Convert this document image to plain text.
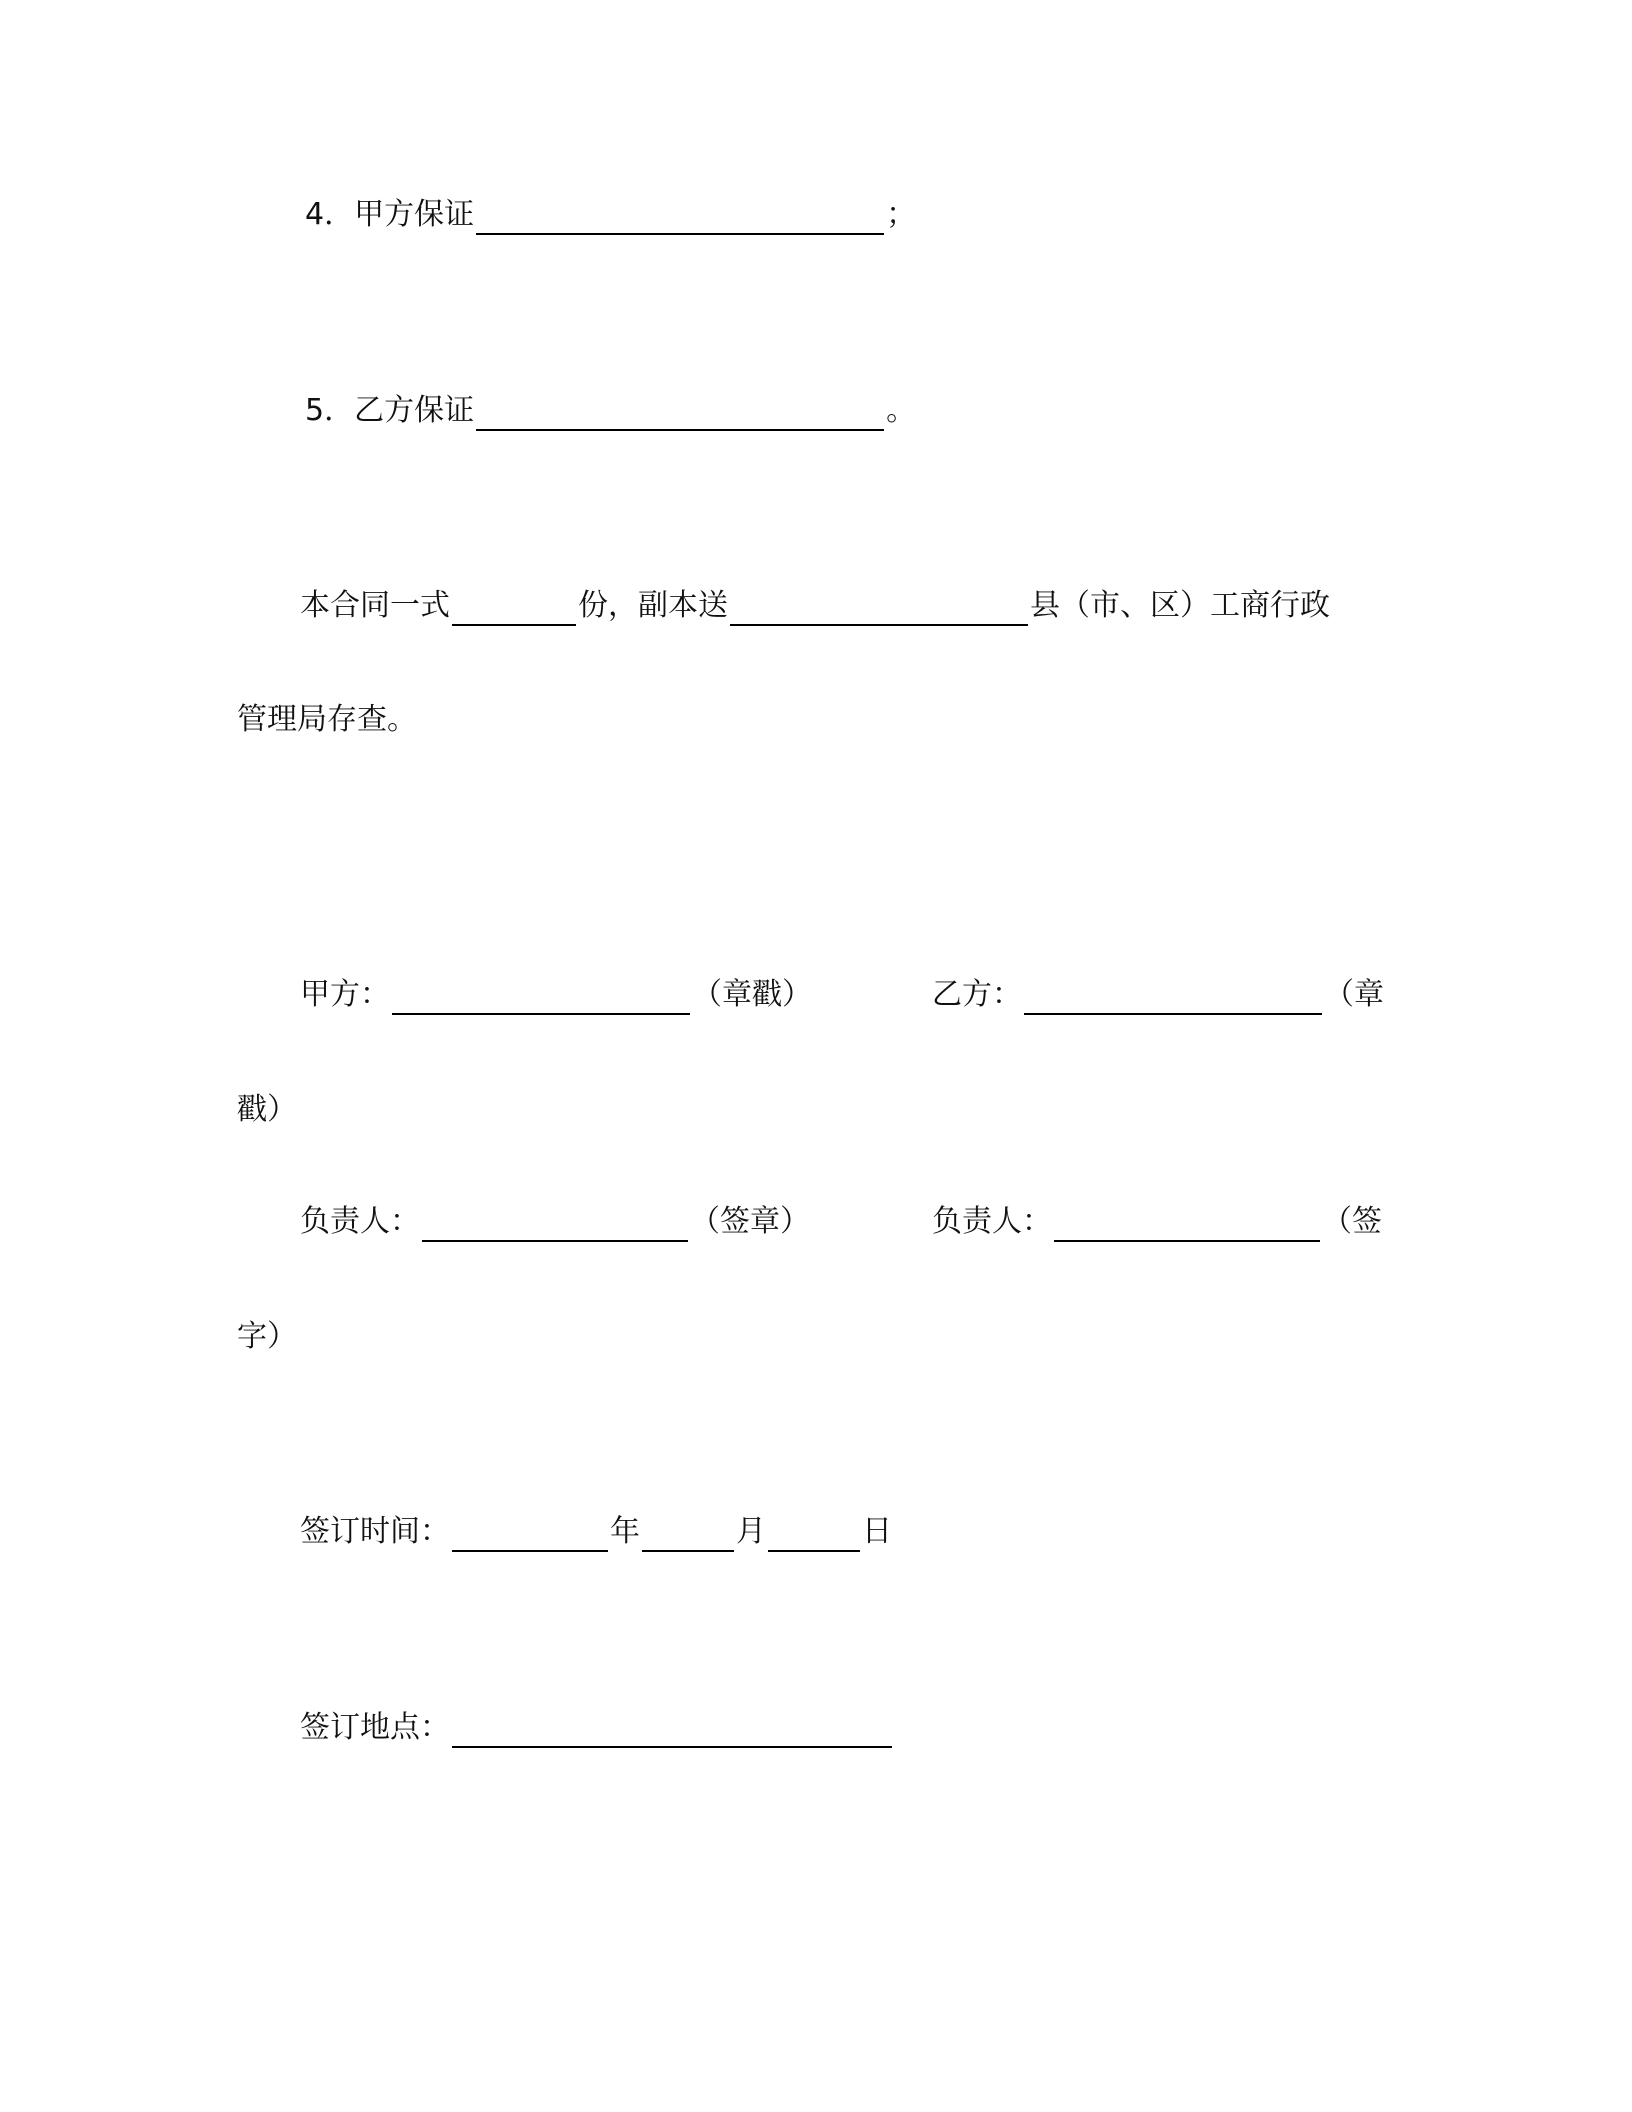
4．甲方保证	；
5．乙方保证	。
本合同一式	份，副本送	县（市、区）工商行政
管理局存查。
甲方：	（章戳）	乙方：	（章
戳）
负责人：	（签章）	负责人：	（签
字）
签订时间：	年	月	日
签订地点：
